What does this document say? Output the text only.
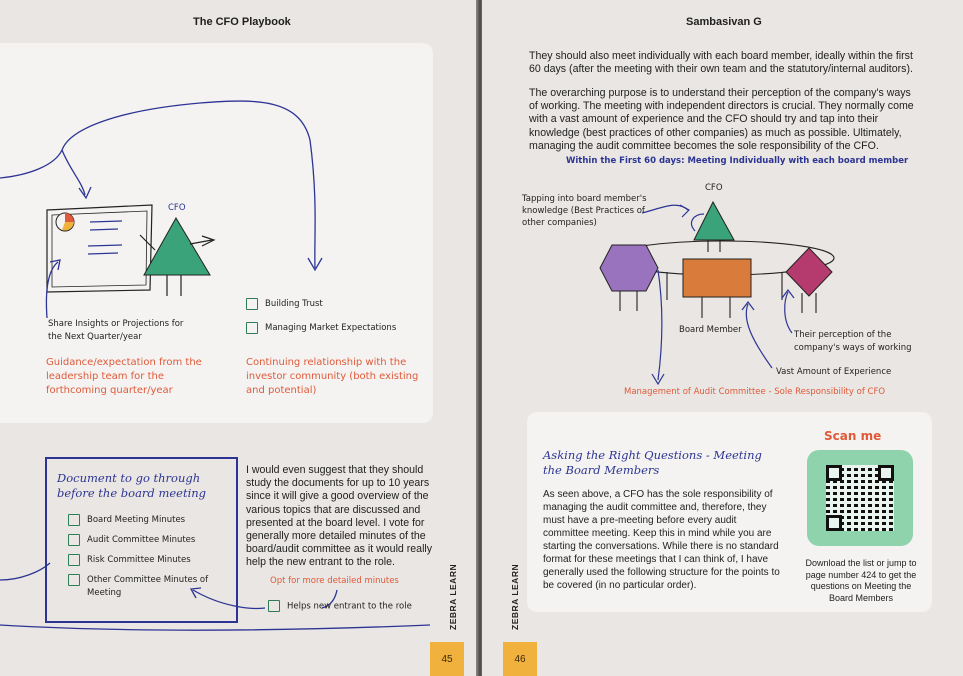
The CFO Playbook
CFO
Share Insights or Projections for the Next Quarter/year
Building Trust
Managing Market Expectations
Guidance/expectation from the leadership team for the forthcoming quarter/year
Continuing relationship with the investor community (both existing and potential)
Document to go through before the board meeting
Board Meeting Minutes
Audit Committee Minutes
Risk Committee Minutes
Other Committee Minutes of Meeting
I would even suggest that they should study the documents for up to 10 years since it will give a good overview of the various topics that are discussed and presented at the board level. I vote for generally more detailed minutes of the board/audit committee as it would really help the new entrant to the role.
Opt for more detailed minutes
Helps new entrant to the role	ZEBRA LEARN
45
Sambasivan G
They should also meet individually with each board member, ideally within the first 60 days (after the meeting with their own team and the statutory/internal auditors).
The overarching purpose is to understand their perception of the company's ways of working. The meeting with independent directors is crucial. They normally come with a vast amount of experience and the CFO should try and tap into their knowledge (best practices of other companies) as much as possible. Ultimately, managing the audit committee becomes the sole responsibility of the CFO.
Within the First 60 days: Meeting Individually with each board member
CFO
Tapping into board member's knowledge (Best Practices of other companies)
Board Member	Their perception of the company's ways of working
Vast Amount of Experience
Management of Audit Committee - Sole Responsibility of CFO
Asking the Right Questions - Meeting the Board Members
As seen above, a CFO has the sole responsibility of managing the audit committee and, therefore, they must have a pre-meeting before every audit committee meeting. Keep this in mind while you are starting the conversations. While there is no standard format for these meetings that I can think of, I have generally used the following structure for the points to be covered (in no particular order).
Scan me
Download the list or jump to page number 424 to get the questions on Meeting the Board Members
ZEBRA LEARN
46
